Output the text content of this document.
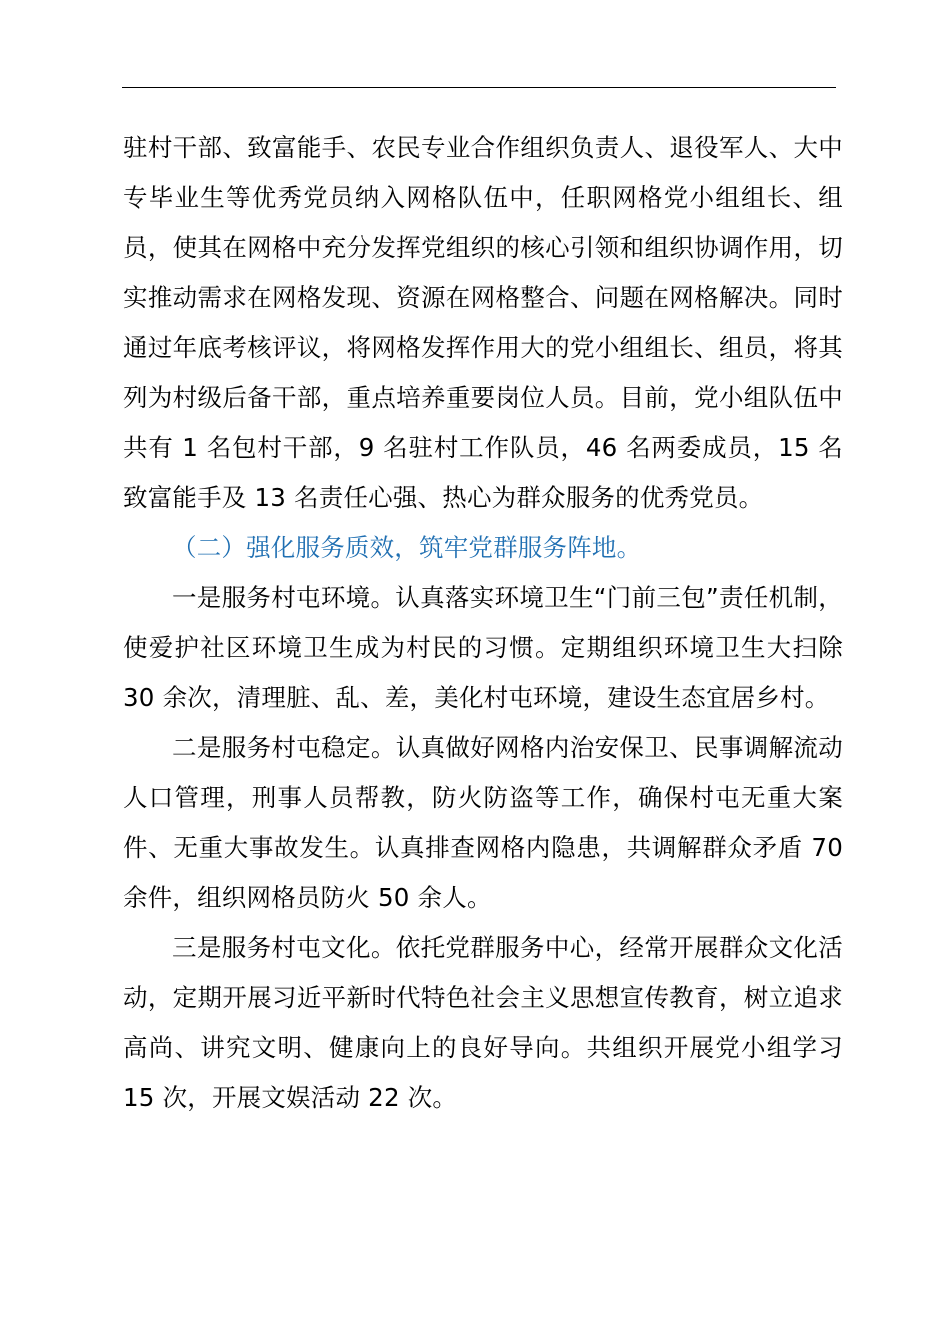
驻村干部、致富能手、农民专业合作组织负责人、退役军人、大中专毕业生等优秀党员纳入网格队伍中，任职网格党小组组长、组员，使其在网格中充分发挥党组织的核心引领和组织协调作用，切实推动需求在网格发现、资源在网格整合、问题在网格解决。同时通过年底考核评议，将网格发挥作用大的党小组组长、组员，将其列为村级后备干部，重点培养重要岗位人员。目前，党小组队伍中共有 1 名包村干部，9 名驻村工作队员，46 名两委成员，15 名致富能手及 13 名责任心强、热心为群众服务的优秀党员。

（二）强化服务质效，筑牢党群服务阵地。

一是服务村屯环境。认真落实环境卫生“门前三包”责任机制，使爱护社区环境卫生成为村民的习惯。定期组织环境卫生大扫除 30 余次，清理脏、乱、差，美化村屯环境，建设生态宜居乡村。

二是服务村屯稳定。认真做好网格内治安保卫、民事调解流动人口管理，刑事人员帮教，防火防盗等工作，确保村屯无重大案件、无重大事故发生。认真排查网格内隐患，共调解群众矛盾 70 余件，组织网格员防火 50 余人。

三是服务村屯文化。依托党群服务中心，经常开展群众文化活动，定期开展习近平新时代特色社会主义思想宣传教育，树立追求高尚、讲究文明、健康向上的良好导向。共组织开展党小组学习 15 次，开展文娱活动 22 次。
